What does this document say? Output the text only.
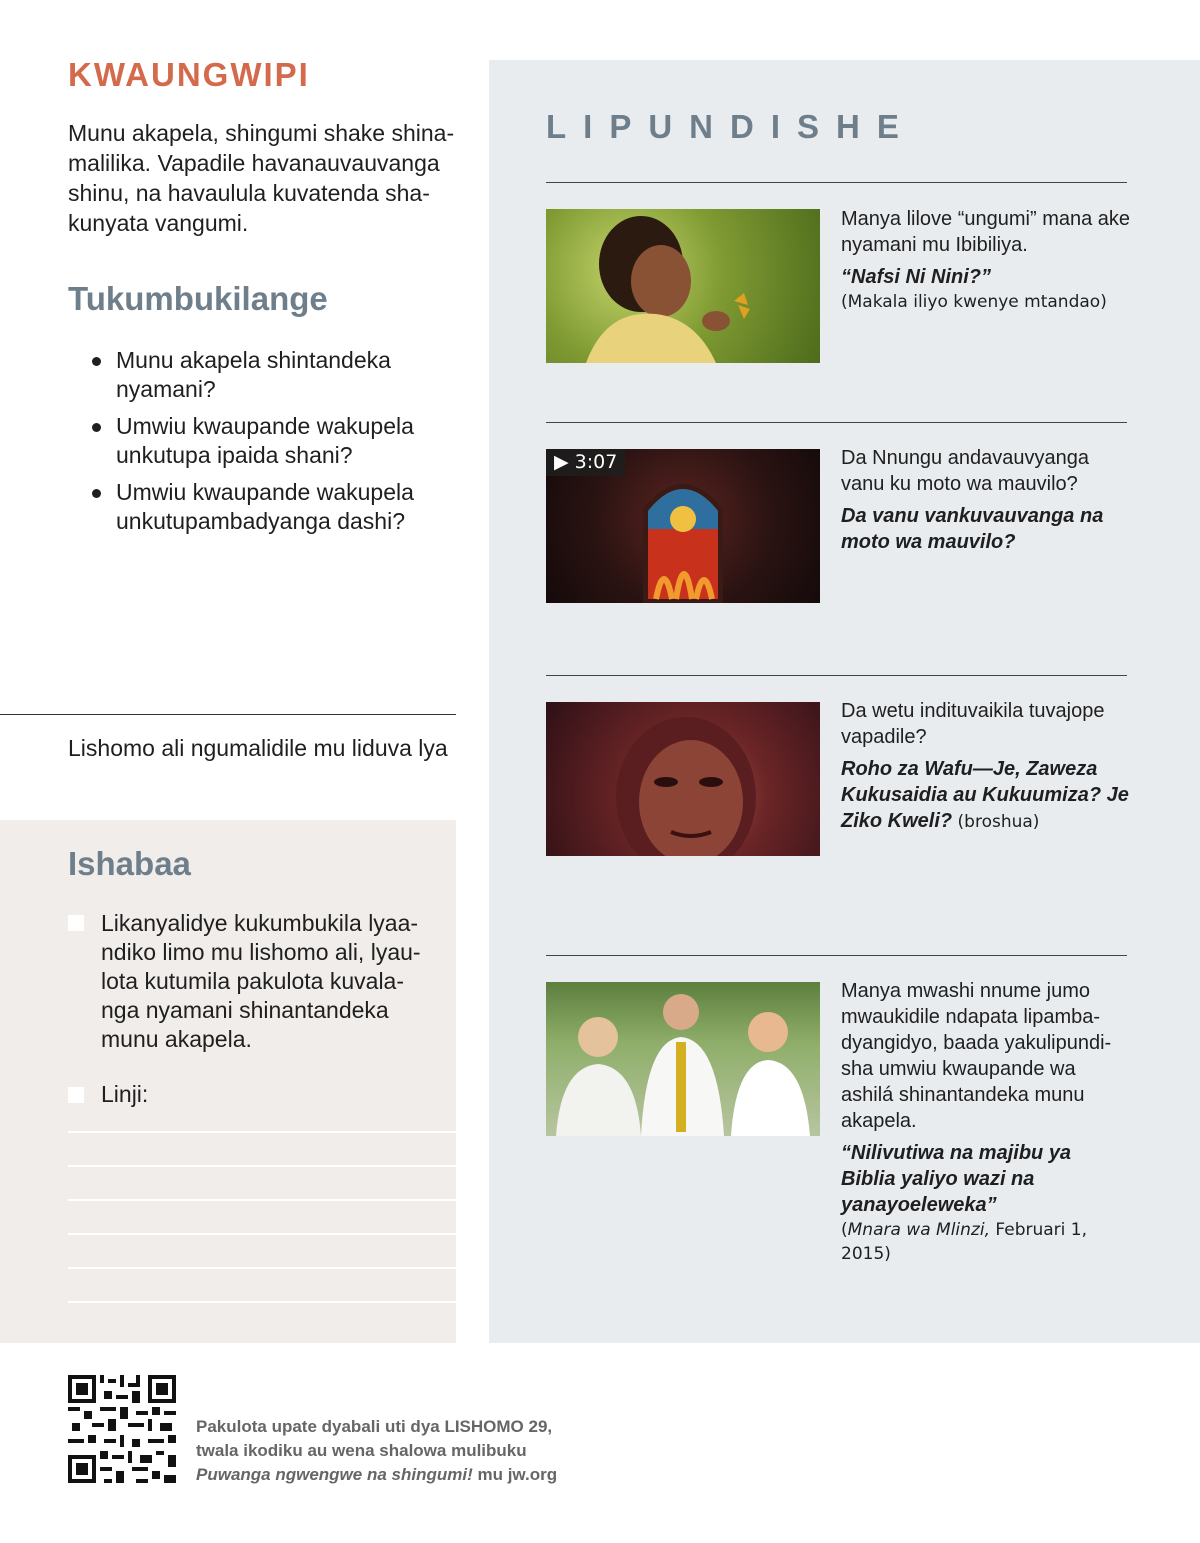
KWAUNGWIPI
Munu akapela, shingumi shake shinamalilika. Vapadile havanauvauvanga shinu, na havaulula kuvatenda shakunyata vangumi.
Tukumbukilange
Munu akapela shintandeka nyamani?
Umwiu kwaupande wakupela unkutupa ipaida shani?
Umwiu kwaupande wakupela unkutupambadyanga dashi?
Lishomo ali ngumalidile mu liduva lya
Ishabaa
Likanyalidye kukumbukila lyaandiko limo mu lishomo ali, lyaulota kutumila pakulota kuvalanga nyamani shinantandeka munu akapela.
Linji:
LIPUNDISHE
Manya lilove “ungumi” mana ake nyamani mu Ibibiliya.
“Nafsi Ni Nini?”
(Makala iliyo kwenye mtandao)
▶ 3:07	Da Nnungu andavauvyanga vanu ku moto wa mauvilo?
Da vanu vankuvauvanga na moto wa mauvilo?
Da wetu indituvaikila tuvajope vapadile?
Roho za Wafu—Je, Zaweza Kukusaidia au Kukuumiza? Je Ziko Kweli? (broshua)
Manya mwashi nnume jumo mwaukidile ndapata lipambadyangidyo, baada yakulipundisha umwiu kwaupande wa ashilá shinantandeka munu akapela.
“Nilivutiwa na majibu ya Biblia yaliyo wazi na yanayoeleweka”
(Mnara wa Mlinzi, Februari 1, 2015)
Pakulota upate dyabali uti dya LISHOMO 29,
twala ikodiku au wena shalowa mulibuku
Puwanga ngwengwe na shingumi! mu jw.org
